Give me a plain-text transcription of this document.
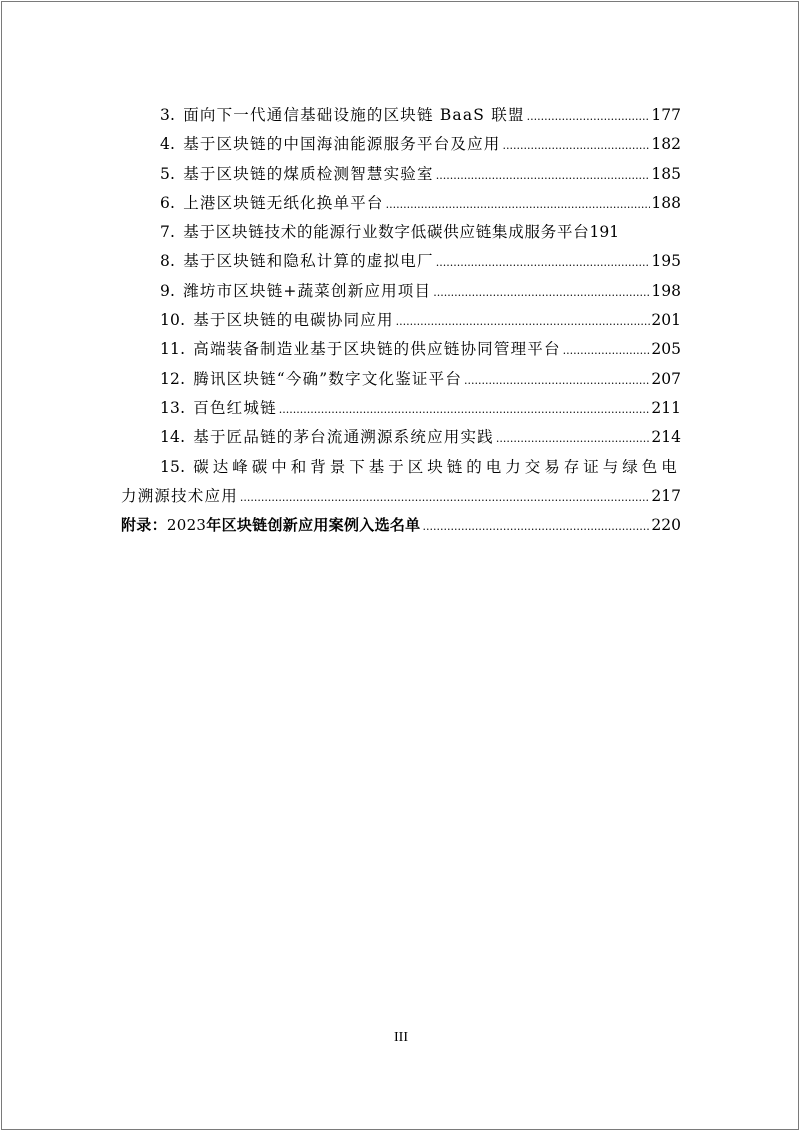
3. 面向下一代通信基础设施的区块链 BaaS 联盟 .....	177
4. 基于区块链的中国海油能源服务平台及应用 .....	182
5. 基于区块链的煤质检测智慧实验室 .....	185
6. 上港区块链无纸化换单平台 .....	188
7. 基于区块链技术的能源行业数字低碳供应链集成服务平台 191
8. 基于区块链和隐私计算的虚拟电厂 .....	195
9. 潍坊市区块链+蔬菜创新应用项目 .....	198
10. 基于区块链的电碳协同应用 .....	201
11. 高端装备制造业基于区块链的供应链协同管理平台 .....	205
12. 腾讯区块链“今确”数字文化鉴证平台 .....	207
13. 百色红城链 .....	211
14. 基于匠品链的茅台流通溯源系统应用实践 .....	214
15. 碳达峰碳中和背景下基于区块链的电力交易存证与绿色电
力溯源技术应用 .....	217
附录：2023年区块链创新应用案例入选名单 .....	220
III
